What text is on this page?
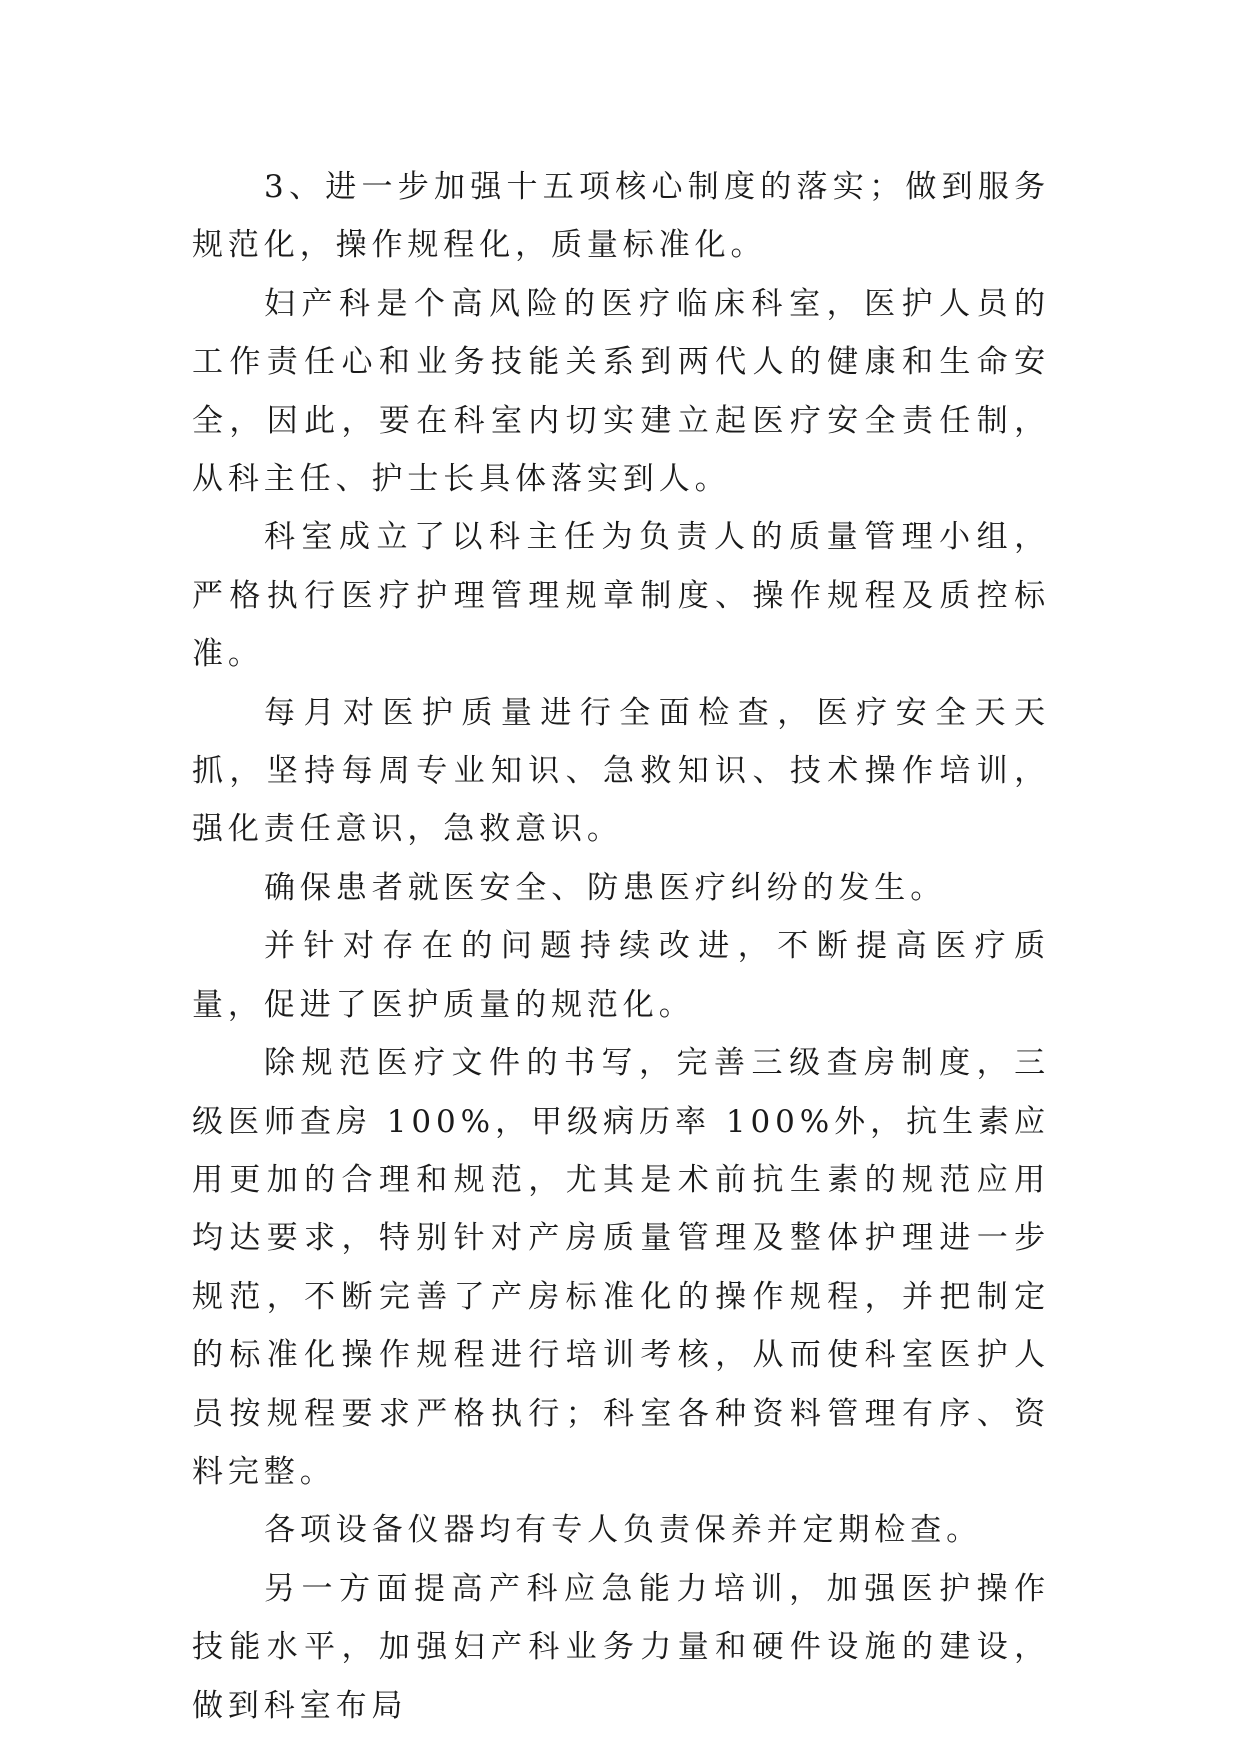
3、进一步加强十五项核心制度的落实；做到服务规范化，操作规程化，质量标准化。

妇产科是个高风险的医疗临床科室，医护人员的工作责任心和业务技能关系到两代人的健康和生命安全，因此，要在科室内切实建立起医疗安全责任制，从科主任、护士长具体落实到人。

科室成立了以科主任为负责人的质量管理小组，严格执行医疗护理管理规章制度、操作规程及质控标准。

每月对医护质量进行全面检查，医疗安全天天抓，坚持每周专业知识、急救知识、技术操作培训，强化责任意识，急救意识。

确保患者就医安全、防患医疗纠纷的发生。

并针对存在的问题持续改进，不断提高医疗质量，促进了医护质量的规范化。

除规范医疗文件的书写，完善三级查房制度，三级医师查房 100%，甲级病历率 100%外，抗生素应用更加的合理和规范，尤其是术前抗生素的规范应用均达要求，特别针对产房质量管理及整体护理进一步规范，不断完善了产房标准化的操作规程，并把制定的标准化操作规程进行培训考核，从而使科室医护人员按规程要求严格执行；科室各种资料管理有序、资料完整。

各项设备仪器均有专人负责保养并定期检查。

另一方面提高产科应急能力培训，加强医护操作技能水平，加强妇产科业务力量和硬件设施的建设，做到科室布局
